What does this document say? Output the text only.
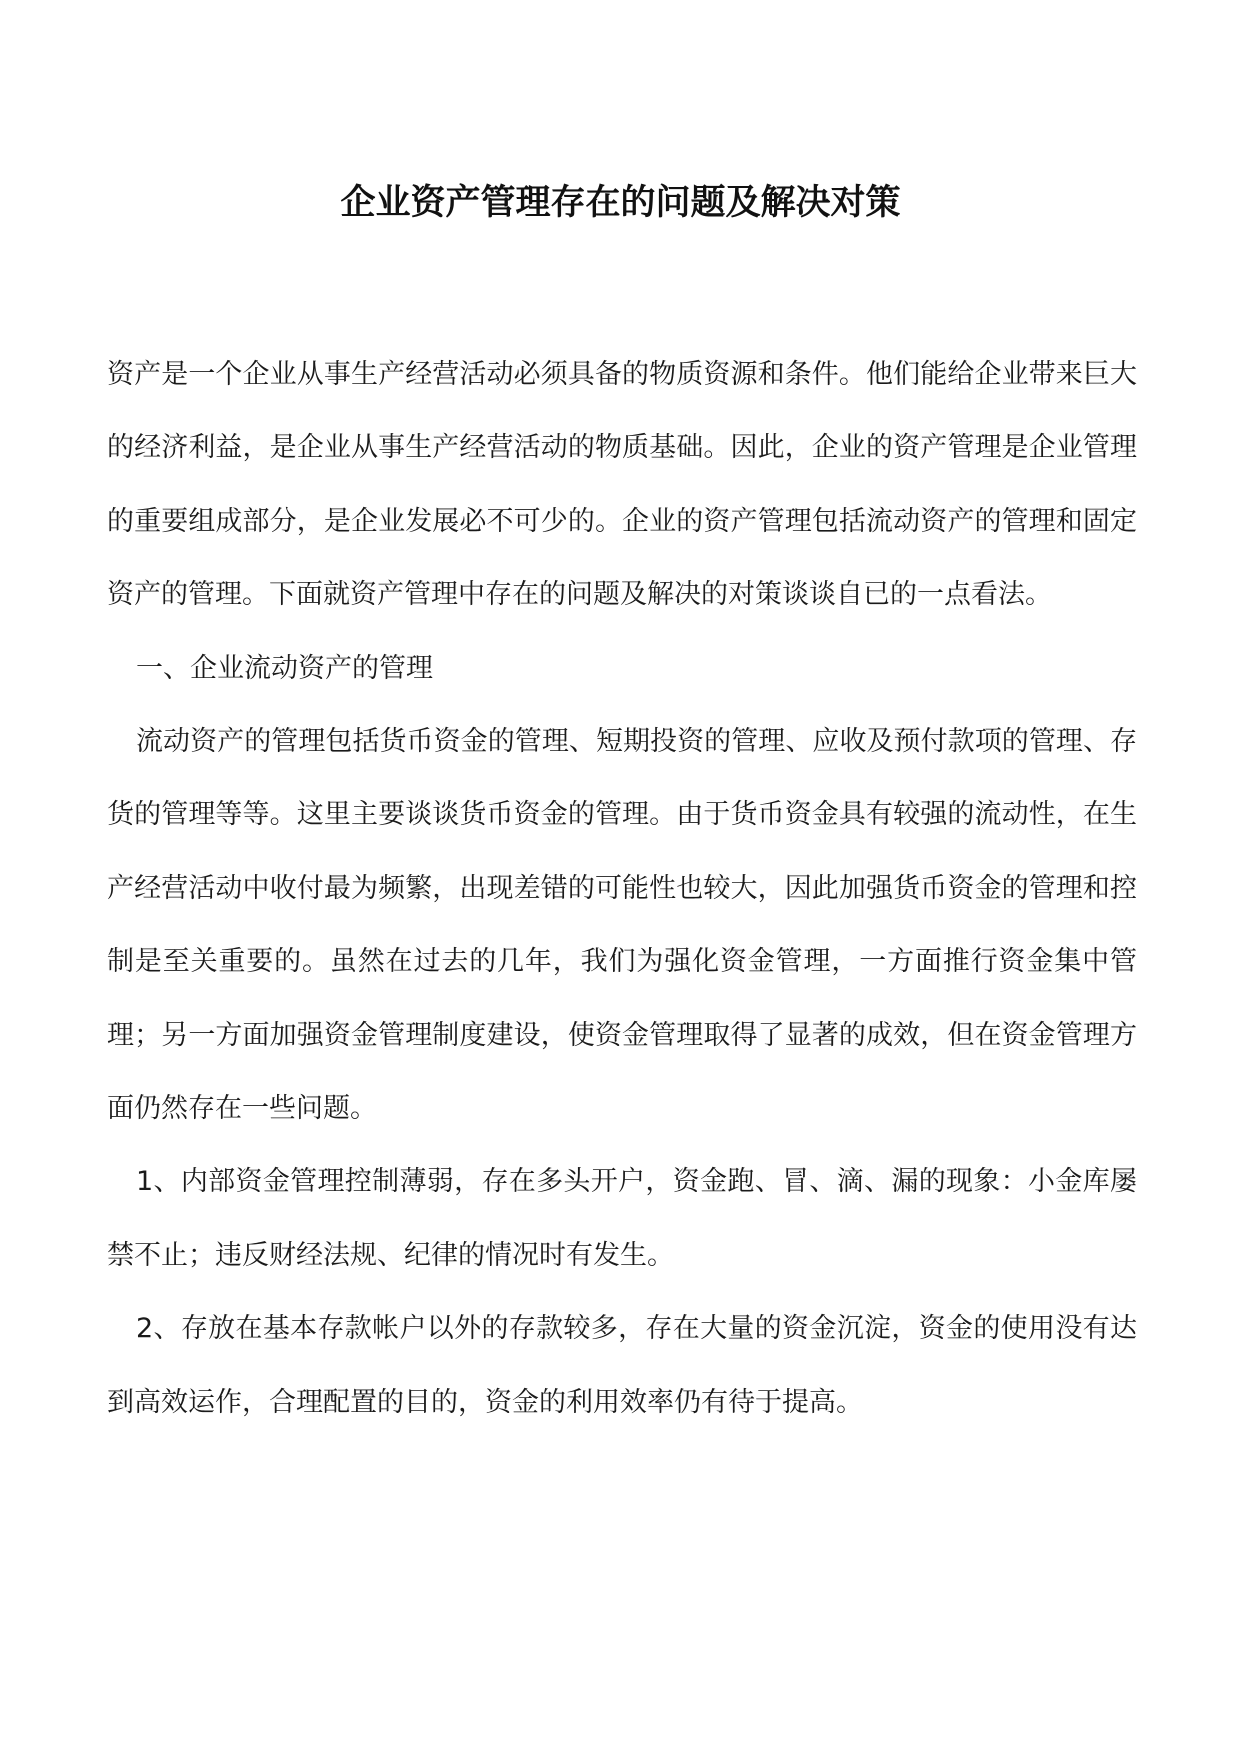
企业资产管理存在的问题及解决对策

资产是一个企业从事生产经营活动必须具备的物质资源和条件。他们能给企业带来巨大的经济利益，是企业从事生产经营活动的物质基础。因此，企业的资产管理是企业管理的重要组成部分，是企业发展必不可少的。企业的资产管理包括流动资产的管理和固定资产的管理。下面就资产管理中存在的问题及解决的对策谈谈自已的一点看法。

一、企业流动资产的管理

流动资产的管理包括货币资金的管理、短期投资的管理、应收及预付款项的管理、存货的管理等等。这里主要谈谈货币资金的管理。由于货币资金具有较强的流动性，在生产经营活动中收付最为频繁，出现差错的可能性也较大，因此加强货币资金的管理和控制是至关重要的。虽然在过去的几年，我们为强化资金管理，一方面推行资金集中管理；另一方面加强资金管理制度建设，使资金管理取得了显著的成效，但在资金管理方面仍然存在一些问题。

1、内部资金管理控制薄弱，存在多头开户，资金跑、冒、滴、漏的现象：小金库屡禁不止；违反财经法规、纪律的情况时有发生。

2、存放在基本存款帐户以外的存款较多，存在大量的资金沉淀，资金的使用没有达到高效运作，合理配置的目的，资金的利用效率仍有待于提高。
